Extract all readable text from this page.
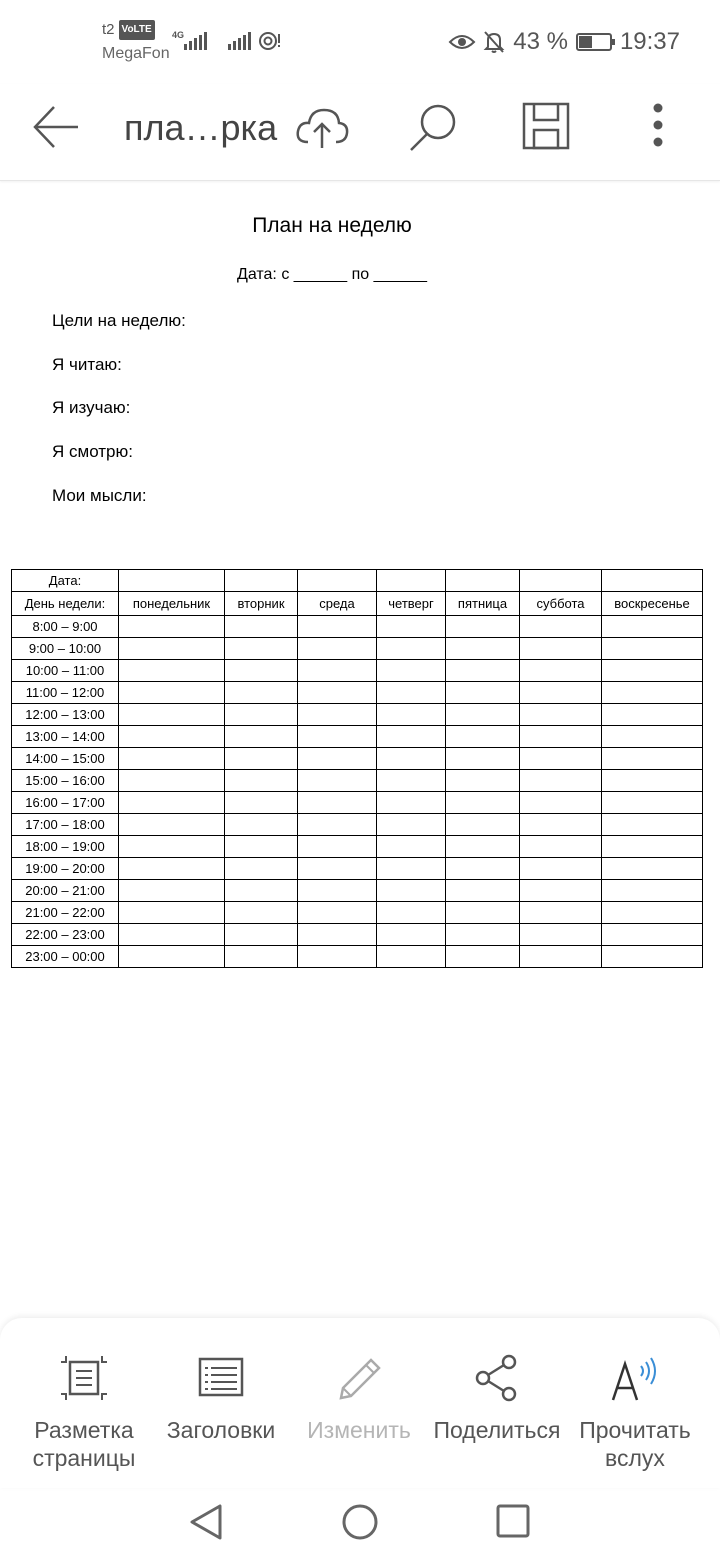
t2 VoLTE
MegaFon
4G	43 % 19:37
пла…рка
План на неделю
Дата: с ______ по ______
Цели на неделю:
Я читаю:
Я изучаю:
Я смотрю:
Мои мысли:
Дата:							
День недели:	понедельник	вторник	среда	четверг	пятница	суббота	воскресенье
8:00 – 9:00							
9:00 – 10:00							
10:00 – 11:00							
11:00 – 12:00							
12:00 – 13:00							
13:00 – 14:00							
14:00 – 15:00							
15:00 – 16:00							
16:00 – 17:00							
17:00 – 18:00							
18:00 – 19:00							
19:00 – 20:00							
20:00 – 21:00							
21:00 – 22:00							
22:00 – 23:00							
23:00 – 00:00							
Разметка страницы
Заголовки	Изменить Поделиться Прочитать вслух
